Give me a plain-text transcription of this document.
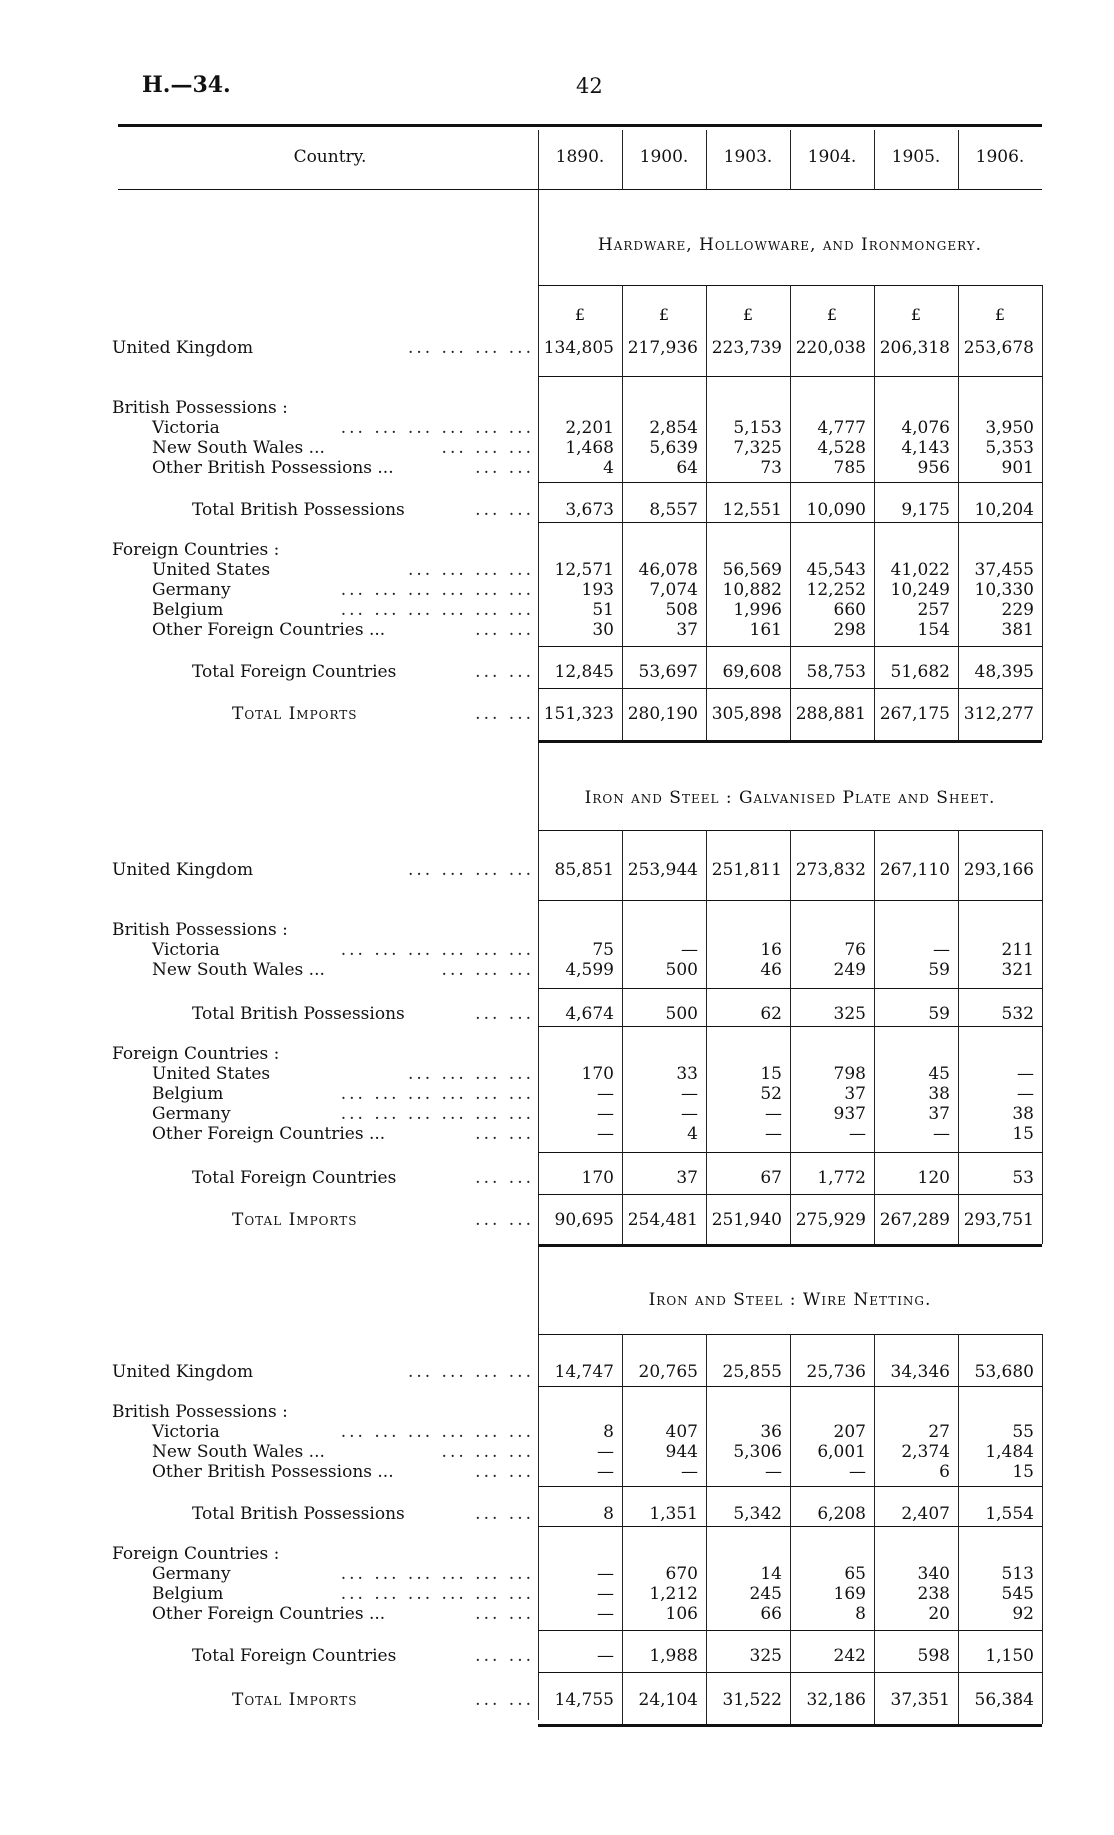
H.—34.	42
Country.	1890.	1900.	1903.	1904.	1905.	1906.
Hardware, Hollowware, and Ironmongery.
£	£	£	£	£	£
United Kingdom	... ... ... ... 134,805 217,936 223,739 220,038 206,318 253,678
British Possessions :
Victoria	... ... ... ... ... ...	2,201	2,854	5,153	4,777	4,076	3,950
New South Wales ...	... ... ...	1,468	5,639	7,325	4,528	4,143	5,353
Other British Possessions ...	... ...	4	64	73	785	956	901
Total British Possessions	... ...	3,673	8,557	12,551	10,090	9,175	10,204
Foreign Countries :
United States	... ... ... ...	12,571	46,078	56,569	45,543	41,022	37,455
Germany	... ... ... ... ... ...	193	7,074	10,882	12,252	10,249	10,330
Belgium	... ... ... ... ... ...	51	508	1,996	660	257	229
Other Foreign Countries ...	... ...	30	37	161	298	154	381
Total Foreign Countries	... ...	12,845	53,697	69,608	58,753	51,682	48,395
Total Imports	... ... 151,323 280,190 305,898 288,881 267,175 312,277
Iron and Steel : Galvanised Plate and Sheet.
United Kingdom	... ... ... ...	85,851 253,944 251,811 273,832 267,110 293,166
British Possessions :
Victoria	... ... ... ... ... ...	75	—	16	76	—	211
New South Wales ...	... ... ...	4,599	500	46	249	59	321
Total British Possessions	... ...	4,674	500	62	325	59	532
Foreign Countries :
United States	... ... ... ...	170	33	15	798	45	—
Belgium	... ... ... ... ... ...	—	—	52	37	38	—
Germany	... ... ... ... ... ...	—	—	—	937	37	38
Other Foreign Countries ...	... ...	—	4	—	—	—	15
Total Foreign Countries	... ...	170	37	67	1,772	120	53
Total Imports	... ...	90,695 254,481 251,940 275,929 267,289 293,751
Iron and Steel : Wire Netting.
United Kingdom	... ... ... ...	14,747	20,765	25,855	25,736	34,346	53,680
British Possessions :
Victoria	... ... ... ... ... ...	8	407	36	207	27	55
New South Wales ...	... ... ...	—	944	5,306	6,001	2,374	1,484
Other British Possessions ...	... ...	—	—	—	—	6	15
Total British Possessions	... ...	8	1,351	5,342	6,208	2,407	1,554
Foreign Countries :
Germany	... ... ... ... ... ...	—	670	14	65	340	513
Belgium	... ... ... ... ... ...	—	1,212	245	169	238	545
Other Foreign Countries ...	... ...	—	106	66	8	20	92
Total Foreign Countries	... ...	—	1,988	325	242	598	1,150
Total Imports	... ...	14,755	24,104	31,522	32,186	37,351	56,384
